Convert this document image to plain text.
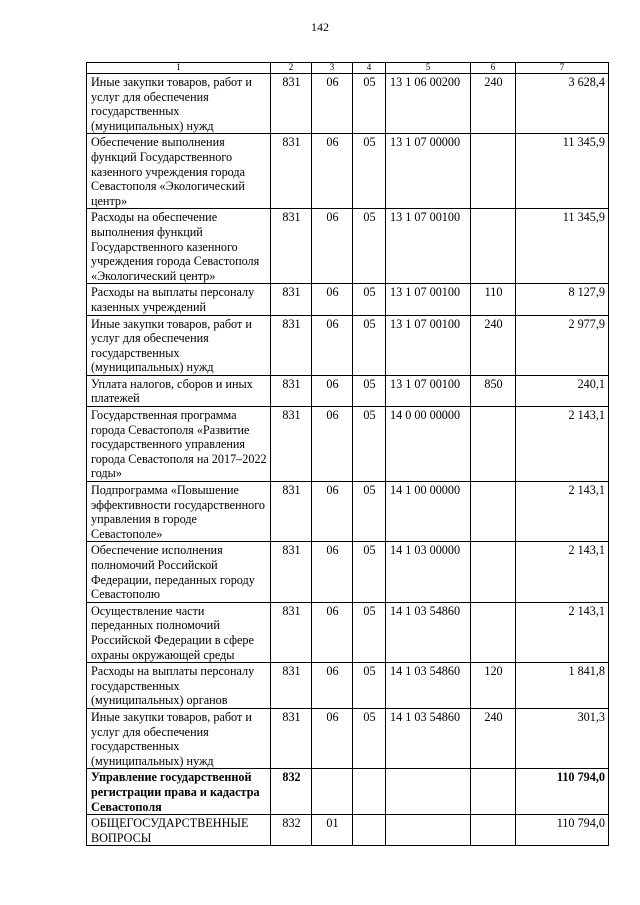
142
1	2	3	4	5	6	7
Иные закупки товаров, работ и услуг для обеспечения государственных (муниципальных) нужд	831	06	05	13 1 06 00200	240	3 628,4
Обеспечение выполнения функций Государственного казенного учреждения города Севастополя «Экологический центр»	831	06	05	13 1 07 00000		11 345,9
Расходы на обеспечение выполнения функций Государственного казенного учреждения города Севастополя «Экологический центр»	831	06	05	13 1 07 00100		11 345,9
Расходы на выплаты персоналу казенных учреждений	831	06	05	13 1 07 00100	110	8 127,9
Иные закупки товаров, работ и услуг для обеспечения государственных (муниципальных) нужд	831	06	05	13 1 07 00100	240	2 977,9
Уплата налогов, сборов и иных платежей	831	06	05	13 1 07 00100	850	240,1
Государственная программа города Севастополя «Развитие государственного управления города Севастополя на 2017–2022 годы»	831	06	05	14 0 00 00000		2 143,1
Подпрограмма «Повышение эффективности государственного управления в городе Севастополе»	831	06	05	14 1 00 00000		2 143,1
Обеспечение исполнения полномочий Российской Федерации, переданных городу Севастополю	831	06	05	14 1 03 00000		2 143,1
Осуществление части переданных полномочий Российской Федерации в сфере охраны окружающей среды	831	06	05	14 1 03 54860		2 143,1
Расходы на выплаты персоналу государственных (муниципальных) органов	831	06	05	14 1 03 54860	120	1 841,8
Иные закупки товаров, работ и услуг для обеспечения государственных (муниципальных) нужд	831	06	05	14 1 03 54860	240	301,3
Управление государственной регистрации права и кадастра Севастополя	832					110 794,0
ОБЩЕГОСУДАРСТВЕННЫЕ ВОПРОСЫ	832	01				110 794,0
